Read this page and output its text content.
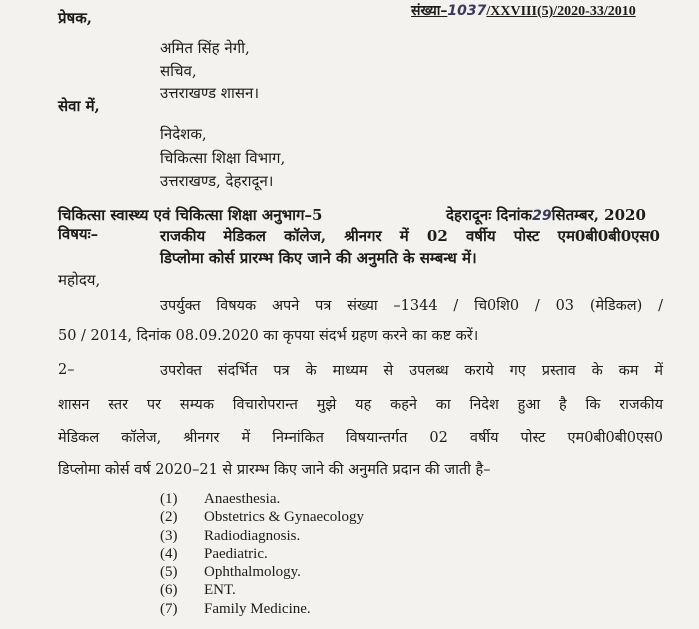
संख्या–1037/XXVIII(5)/2020-33/2010
प्रेषक,
अमित सिंह नेगी,
सचिव,
उत्तराखण्ड शासन।
सेवा में,
निदेशक,
चिकित्सा शिक्षा विभाग,
उत्तराखण्ड, देहरादून।
चिकित्सा स्वास्थ्य एवं चिकित्सा शिक्षा अनुभाग–5	देहरादूनः दिनांक29सितम्बर, 2020
विषयः–	राजकीय मेडिकल कॉलेज, श्रीनगर में 02 वर्षीय पोस्ट एम0बी0बी0एस0
डिप्लोमा कोर्स प्रारम्भ किए जाने की अनुमति के सम्बन्ध में।
महोदय,
उपर्युक्त विषयक अपने पत्र संख्या –1344 / चि0शि0 / 03 (मेडिकल) /
50 / 2014, दिनांक 08.09.2020 का कृपया संदर्भ ग्रहण करने का कष्ट करें।
2–	उपरोक्त संदर्भित पत्र के माध्यम से उपलब्ध कराये गए प्रस्ताव के कम में
शासन स्तर पर सम्यक विचारोपरान्त मुझे यह कहने का निदेश हुआ है कि राजकीय
मेडिकल कॉलेज, श्रीनगर में निम्नांकित विषयान्तर्गत 02 वर्षीय पोस्ट एम0बी0बी0एस0
डिप्लोमा कोर्स वर्ष 2020–21 से प्रारम्भ किए जाने की अनुमति प्रदान की जाती है–
(1)	Anaesthesia.
(2)	Obstetrics & Gynaecology
(3)	Radiodiagnosis.
(4)	Paediatric.
(5)	Ophthalmology.
(6)	ENT.
(7)	Family Medicine.
